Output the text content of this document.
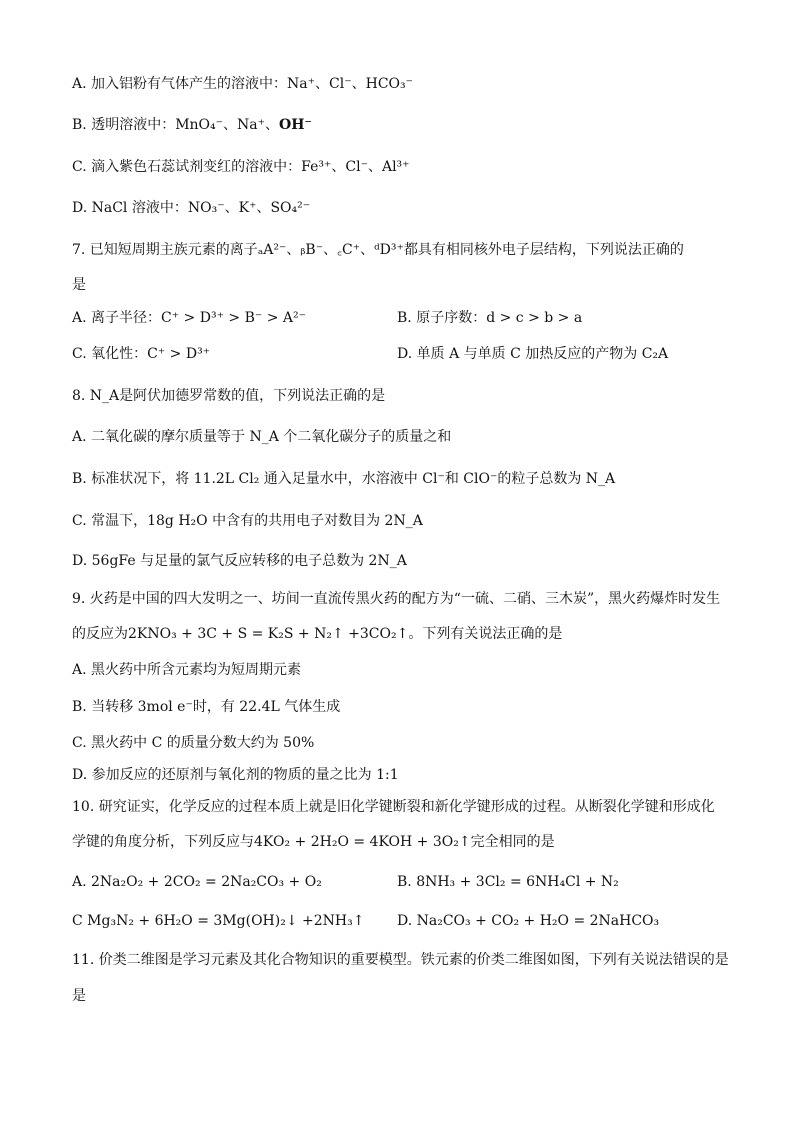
A. 加入铝粉有气体产生的溶液中：Na⁺、Cl⁻、HCO₃⁻
B. 透明溶液中：MnO₄⁻、Na⁺、OH⁻
C. 滴入紫色石蕊试剂变红的溶液中：Fe³⁺、Cl⁻、Al³⁺
D. NaCl 溶液中：NO₃⁻、K⁺、SO₄²⁻
7. 已知短周期主族元素的离子ₐA²⁻、ᵦB⁻、꜀C⁺、ᵈD³⁺都具有相同核外电子层结构，下列说法正确的
是
A. 离子半径：C⁺ > D³⁺ > B⁻ > A²⁻	B. 原子序数：d > c > b > a
C. 氧化性：C⁺ > D³⁺	D. 单质 A 与单质 C 加热反应的产物为 C₂A
8. N_A是阿伏加德罗常数的值，下列说法正确的是
A. 二氧化碳的摩尔质量等于 N_A 个二氧化碳分子的质量之和
B. 标准状况下，将 11.2L Cl₂ 通入足量水中，水溶液中 Cl⁻和 ClO⁻的粒子总数为 N_A
C. 常温下，18g H₂O 中含有的共用电子对数目为 2N_A
D. 56gFe 与足量的氯气反应转移的电子总数为 2N_A
9. 火药是中国的四大发明之一、坊间一直流传黑火药的配方为“一硫、二硝、三木炭”，黑火药爆炸时发生
的反应为2KNO₃ + 3C + S = K₂S + N₂↑ +3CO₂↑。下列有关说法正确的是
A. 黑火药中所含元素均为短周期元素
B. 当转移 3mol e⁻时，有 22.4L 气体生成
C. 黑火药中 C 的质量分数大约为 50%
D. 参加反应的还原剂与氧化剂的物质的量之比为 1:1
10. 研究证实，化学反应的过程本质上就是旧化学键断裂和新化学键形成的过程。从断裂化学键和形成化
学键的角度分析，下列反应与4KO₂ + 2H₂O = 4KOH + 3O₂↑完全相同的是
A. 2Na₂O₂ + 2CO₂ = 2Na₂CO₃ + O₂	B. 8NH₃ + 3Cl₂ = 6NH₄Cl + N₂
C Mg₃N₂ + 6H₂O = 3Mg(OH)₂↓ +2NH₃↑ D. Na₂CO₃ + CO₂ + H₂O = 2NaHCO₃
11. 价类二维图是学习元素及其化合物知识的重要模型。铁元素的价类二维图如图，下列有关说法错误的是
是
